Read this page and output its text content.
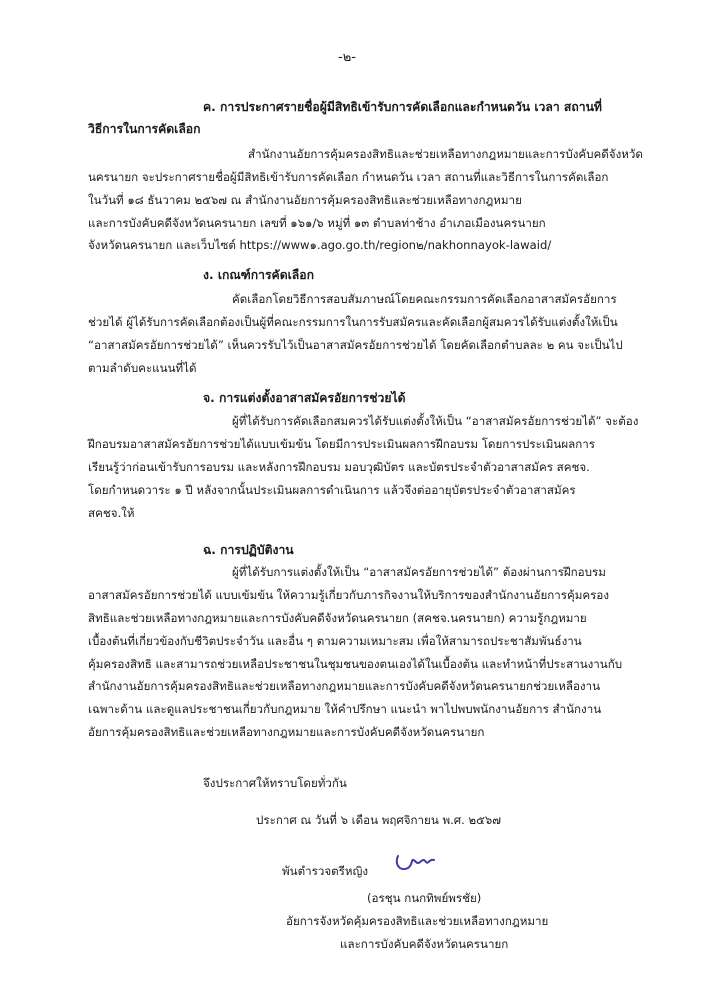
-๒-
ค. การประกาศรายชื่อผู้มีสิทธิเข้ารับการคัดเลือกและกำหนดวัน เวลา สถานที่
วิธีการในการคัดเลือก
สำนักงานอัยการคุ้มครองสิทธิและช่วยเหลือทางกฎหมายและการบังคับคดีจังหวัด
นครนายก จะประกาศรายชื่อผู้มีสิทธิเข้ารับการคัดเลือก กำหนดวัน เวลา สถานที่และวิธีการในการคัดเลือก
ในวันที่ ๑๘ ธันวาคม ๒๕๖๗ ณ สำนักงานอัยการคุ้มครองสิทธิและช่วยเหลือทางกฎหมาย
และการบังคับคดีจังหวัดนครนายก เลขที่ ๑๖๑/๖ หมู่ที่ ๑๓ ตำบลท่าช้าง อำเภอเมืองนครนายก
จังหวัดนครนายก และเว็บไซต์ https://www๑.ago.go.th/region๒/nakhonnayok-lawaid/
ง. เกณฑ์การคัดเลือก
คัดเลือกโดยวิธีการสอบสัมภาษณ์โดยคณะกรรมการคัดเลือกอาสาสมัครอัยการ
ช่วยได้ ผู้ได้รับการคัดเลือกต้องเป็นผู้ที่คณะกรรมการในการรับสมัครและคัดเลือกผู้สมควรได้รับแต่งตั้งให้เป็น
“อาสาสมัครอัยการช่วยได้” เห็นควรรับไว้เป็นอาสาสมัครอัยการช่วยได้ โดยคัดเลือกตำบลละ ๒ คน จะเป็นไป
ตามลำดับคะแนนที่ได้
จ. การแต่งตั้งอาสาสมัครอัยการช่วยได้
ผู้ที่ได้รับการคัดเลือกสมควรได้รับแต่งตั้งให้เป็น “อาสาสมัครอัยการช่วยได้” จะต้อง
ฝึกอบรมอาสาสมัครอัยการช่วยได้แบบเข้มข้น โดยมีการประเมินผลการฝึกอบรม โดยการประเมินผลการ
เรียนรู้ว่าก่อนเข้ารับการอบรม และหลังการฝึกอบรม มอบวุฒิบัตร และบัตรประจำตัวอาสาสมัคร สคชจ.
โดยกำหนดวาระ ๑ ปี หลังจากนั้นประเมินผลการดำเนินการ แล้วจึงต่ออายุบัตรประจำตัวอาสาสมัคร
สคชจ.ให้
ฉ. การปฏิบัติงาน
ผู้ที่ได้รับการแต่งตั้งให้เป็น “อาสาสมัครอัยการช่วยได้” ต้องผ่านการฝึกอบรม
อาสาสมัครอัยการช่วยได้ แบบเข้มข้น ให้ความรู้เกี่ยวกับภารกิจงานให้บริการของสำนักงานอัยการคุ้มครอง
สิทธิและช่วยเหลือทางกฎหมายและการบังคับคดีจังหวัดนครนายก (สคชจ.นครนายก) ความรู้กฎหมาย
เบื้องต้นที่เกี่ยวข้องกับชีวิตประจำวัน และอื่น ๆ ตามความเหมาะสม เพื่อให้สามารถประชาสัมพันธ์งาน
คุ้มครองสิทธิ และสามารถช่วยเหลือประชาชนในชุมชนของตนเองได้ในเบื้องต้น และทำหน้าที่ประสานงานกับ
สำนักงานอัยการคุ้มครองสิทธิและช่วยเหลือทางกฎหมายและการบังคับคดีจังหวัดนครนายกช่วยเหลืองาน
เฉพาะด้าน และดูแลประชาชนเกี่ยวกับกฎหมาย ให้คำปรึกษา แนะนำ พาไปพบพนักงานอัยการ สำนักงาน
อัยการคุ้มครองสิทธิและช่วยเหลือทางกฎหมายและการบังคับคดีจังหวัดนครนายก
จึงประกาศให้ทราบโดยทั่วกัน
ประกาศ ณ วันที่ ๖ เดือน พฤศจิกายน พ.ศ. ๒๕๖๗
พันตำรวจตรีหญิง
(อรชุน กนกทิพย์พรชัย)
อัยการจังหวัดคุ้มครองสิทธิและช่วยเหลือทางกฎหมาย
และการบังคับคดีจังหวัดนครนายก
